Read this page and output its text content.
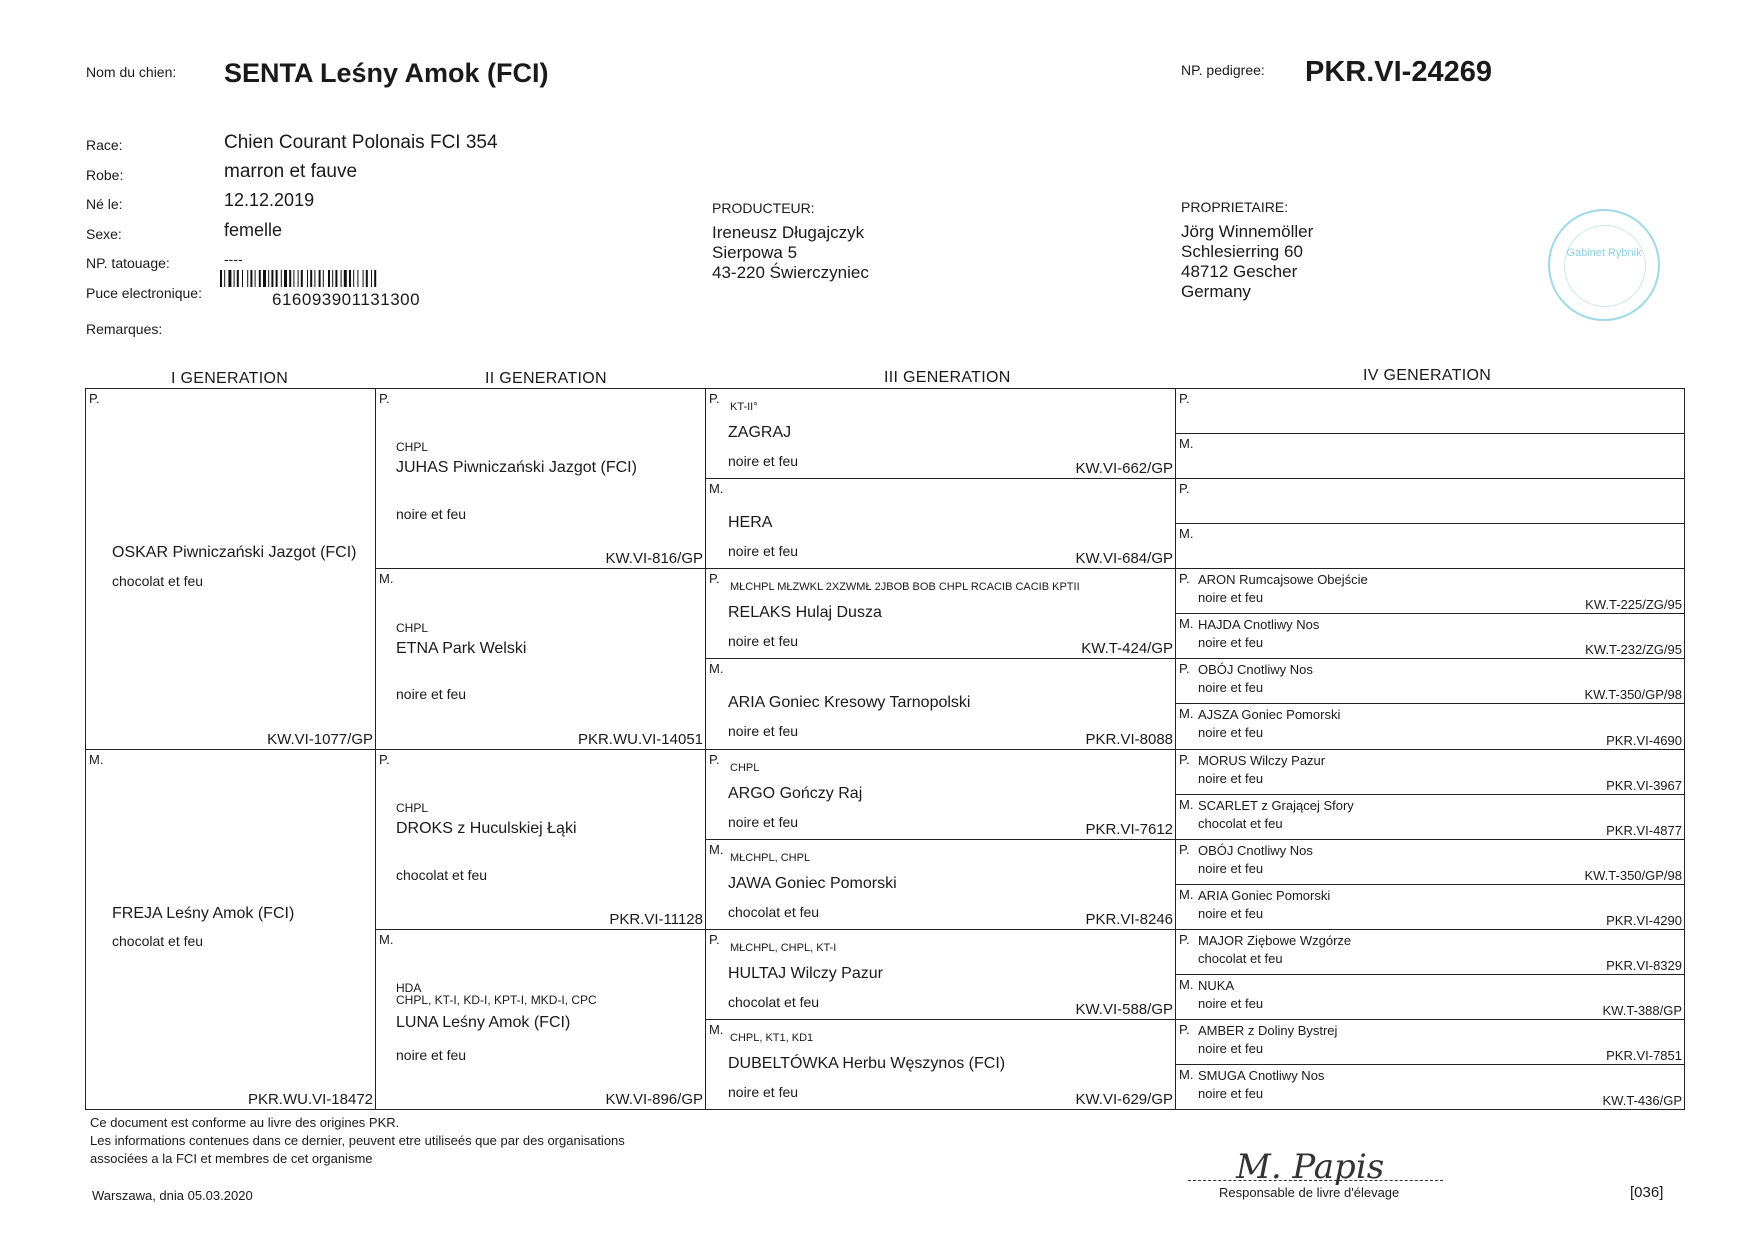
Nom du chien: SENTA Leśny Amok (FCI)	NP. pedigree: PKR.VI-24269
Race:	Chien Courant Polonais FCI 354
Robe:	marron et fauve
Né le:	12.12.2019
Sexe:	femelle
NP. tatouage:	----
Puce electronique:	616093901131300
Remarques:
PRODUCTEUR:
Ireneusz Długajczyk
Sierpowa 5
43-220 Świerczyniec
PROPRIETAIRE:
Jörg Winnemöller
Schlesierring 60
48712 Gescher
Germany
Gabinet Rybnik
I GENERATION	II GENERATION	III GENERATION	IV GENERATION
P.
OSKAR Piwniczański Jazgot (FCI)
chocolat et feu
KW.VI-1077/GP
M.
FREJA Leśny Amok (FCI)
chocolat et feu
PKR.WU.VI-18472
P.
CHPL
JUHAS Piwniczański Jazgot (FCI)
noire et feu
KW.VI-816/GP
M.
CHPL
ETNA Park Welski
noire et feu
PKR.WU.VI-14051
P.
CHPL
DROKS z Huculskiej Łąki
chocolat et feu
PKR.VI-11128
M.
HDA
CHPL, KT-I, KD-I, KPT-I, MKD-I, CPC
LUNA Leśny Amok (FCI)
noire et feu
KW.VI-896/GP
P.
KT-II°
ZAGRAJ
noire et feu	KW.VI-662/GP
M.
HERA
noire et feu	KW.VI-684/GP
P.
MŁCHPL MŁZWKL 2XZWMŁ 2JBOB BOB CHPL RCACIB CACIB KPTII
RELAKS Hulaj Dusza
noire et feu	KW.T-424/GP
M.
ARIA Goniec Kresowy Tarnopolski
noire et feu	PKR.VI-8088
P.
CHPL
ARGO Gończy Raj
noire et feu	PKR.VI-7612
M.
MŁCHPL, CHPL
JAWA Goniec Pomorski
chocolat et feu	PKR.VI-8246
P.
MŁCHPL, CHPL, KT-I
HULTAJ Wilczy Pazur
chocolat et feu	KW.VI-588/GP
M.
CHPL, KT1, KD1
DUBELTÓWKA Herbu Węszynos (FCI)
noire et feu	KW.VI-629/GP
P.
M.
P.
M.
P. ARON Rumcajsowe Obejście
noire et feu	KW.T-225/ZG/95
M. HAJDA Cnotliwy Nos
noire et feu	KW.T-232/ZG/95
P. OBÓJ Cnotliwy Nos
noire et feu	KW.T-350/GP/98
M. AJSZA Goniec Pomorski
noire et feu	PKR.VI-4690
P. MORUS Wilczy Pazur
noire et feu	PKR.VI-3967
M. SCARLET z Grającej Sfory
chocolat et feu	PKR.VI-4877
P. OBÓJ Cnotliwy Nos
noire et feu	KW.T-350/GP/98
M. ARIA Goniec Pomorski
noire et feu	PKR.VI-4290
P. MAJOR Ziębowe Wzgórze
chocolat et feu	PKR.VI-8329
M. NUKA
noire et feu	KW.T-388/GP
P. AMBER z Doliny Bystrej
noire et feu	PKR.VI-7851
M. SMUGA Cnotliwy Nos
noire et feu	KW.T-436/GP
Ce document est conforme au livre des origines PKR.
Les informations contenues dans ce dernier, peuvent etre utiliseés que par des organisations
associées a la FCI et membres de cet organisme
Warszawa, dnia 05.03.2020
M. Papis
Responsable de livre d'élevage	[036]
